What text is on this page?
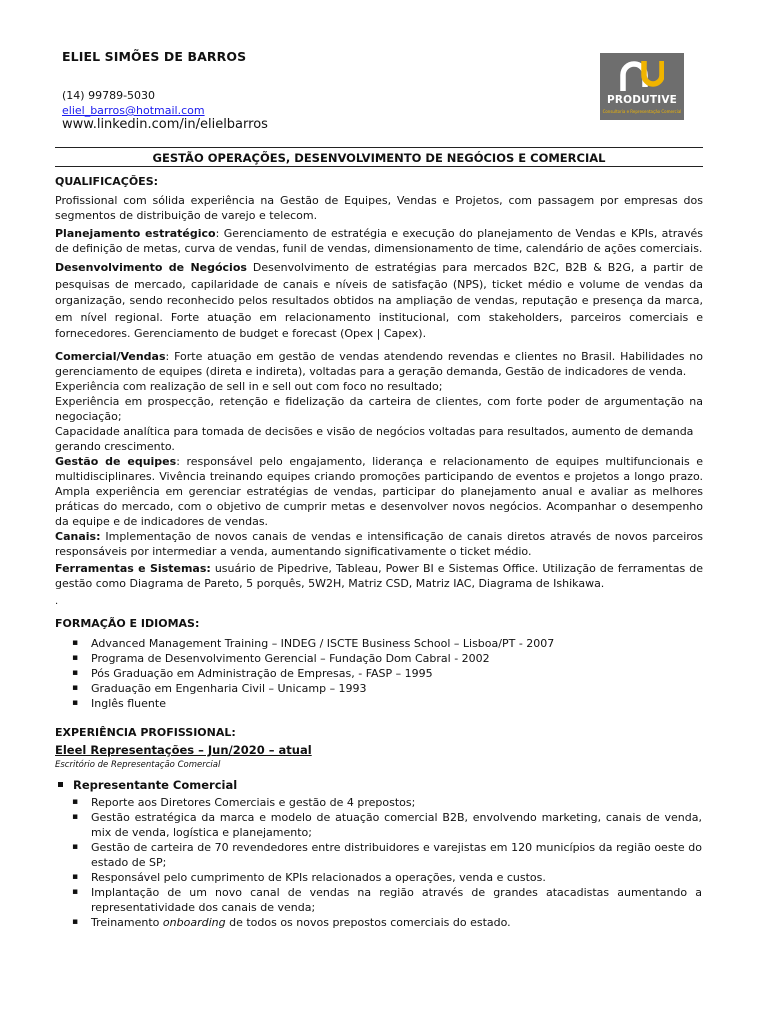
ELIEL SIMÕES DE BARROS
(14) 99789-5030
eliel_barros@hotmail.com
www.linkedin.com/in/elielbarros
PRODUTIVE
Consultoria e Representação Comercial
GESTÃO OPERAÇÕES, DESENVOLVIMENTO DE NEGÓCIOS E COMERCIAL
QUALIFICAÇÕES:

Profissional com sólida experiência na Gestão de Equipes, Vendas e Projetos, com passagem por empresas dos segmentos de distribuição de varejo e telecom.

Planejamento estratégico: Gerenciamento de estratégia e execução do planejamento de Vendas e KPIs, através de definição de metas, curva de vendas, funil de vendas, dimensionamento de time, calendário de ações comerciais.

Desenvolvimento de Negócios Desenvolvimento de estratégias para mercados B2C, B2B & B2G, a partir de pesquisas de mercado, capilaridade de canais e níveis de satisfação (NPS), ticket médio e volume de vendas da organização, sendo reconhecido pelos resultados obtidos na ampliação de vendas, reputação e presença da marca, em nível regional. Forte atuação em relacionamento institucional, com stakeholders, parceiros comerciais e fornecedores. Gerenciamento de budget e forecast (Opex | Capex).

Comercial/Vendas: Forte atuação em gestão de vendas atendendo revendas e clientes no Brasil. Habilidades no gerenciamento de equipes (direta e indireta), voltadas para a geração demanda, Gestão de indicadores de venda.
Experiência com realização de sell in e sell out com foco no resultado;
Experiência em prospecção, retenção e fidelização da carteira de clientes, com forte poder de argumentação na negociação;
Capacidade analítica para tomada de decisões e visão de negócios voltadas para resultados, aumento de demanda gerando crescimento.
Gestão de equipes: responsável pelo engajamento, liderança e relacionamento de equipes multifuncionais e multidisciplinares. Vivência treinando equipes criando promoções participando de eventos e projetos a longo prazo. Ampla experiência em gerenciar estratégias de vendas, participar do planejamento anual e avaliar as melhores práticas do mercado, com o objetivo de cumprir metas e desenvolver novos negócios. Acompanhar o desempenho da equipe e de indicadores de vendas.
Canais: Implementação de novos canais de vendas e intensificação de canais diretos através de novos parceiros responsáveis por intermediar a venda, aumentando significativamente o ticket médio.

Ferramentas e Sistemas: usuário de Pipedrive, Tableau, Power BI e Sistemas Office. Utilização de ferramentas de gestão como Diagrama de Pareto, 5 porquês, 5W2H, Matriz CSD, Matriz IAC, Diagrama de Ishikawa.

.
FORMAÇÃO E IDIOMAS:
▪ Advanced Management Training – INDEG / ISCTE Business School – Lisboa/PT - 2007
▪ Programa de Desenvolvimento Gerencial – Fundação Dom Cabral - 2002
▪ Pós Graduação em Administração de Empresas, - FASP – 1995
▪ Graduação em Engenharia Civil – Unicamp – 1993
▪ Inglês fluente
EXPERIÊNCIA PROFISSIONAL:
Eleel Representações – Jun/2020 – atual
Escritório de Representação Comercial
Representante Comercial
▪ Reporte aos Diretores Comerciais e gestão de 4 prepostos;
▪ Gestão estratégica da marca e modelo de atuação comercial B2B, envolvendo marketing, canais de venda, mix de venda, logística e planejamento;
▪ Gestão de carteira de 70 revendedores entre distribuidores e varejistas em 120 municípios da região oeste do estado de SP;
▪ Responsável pelo cumprimento de KPIs relacionados a operações, venda e custos.
▪ Implantação de um novo canal de vendas na região através de grandes atacadistas aumentando a representatividade dos canais de venda;
▪ Treinamento onboarding de todos os novos prepostos comerciais do estado.
